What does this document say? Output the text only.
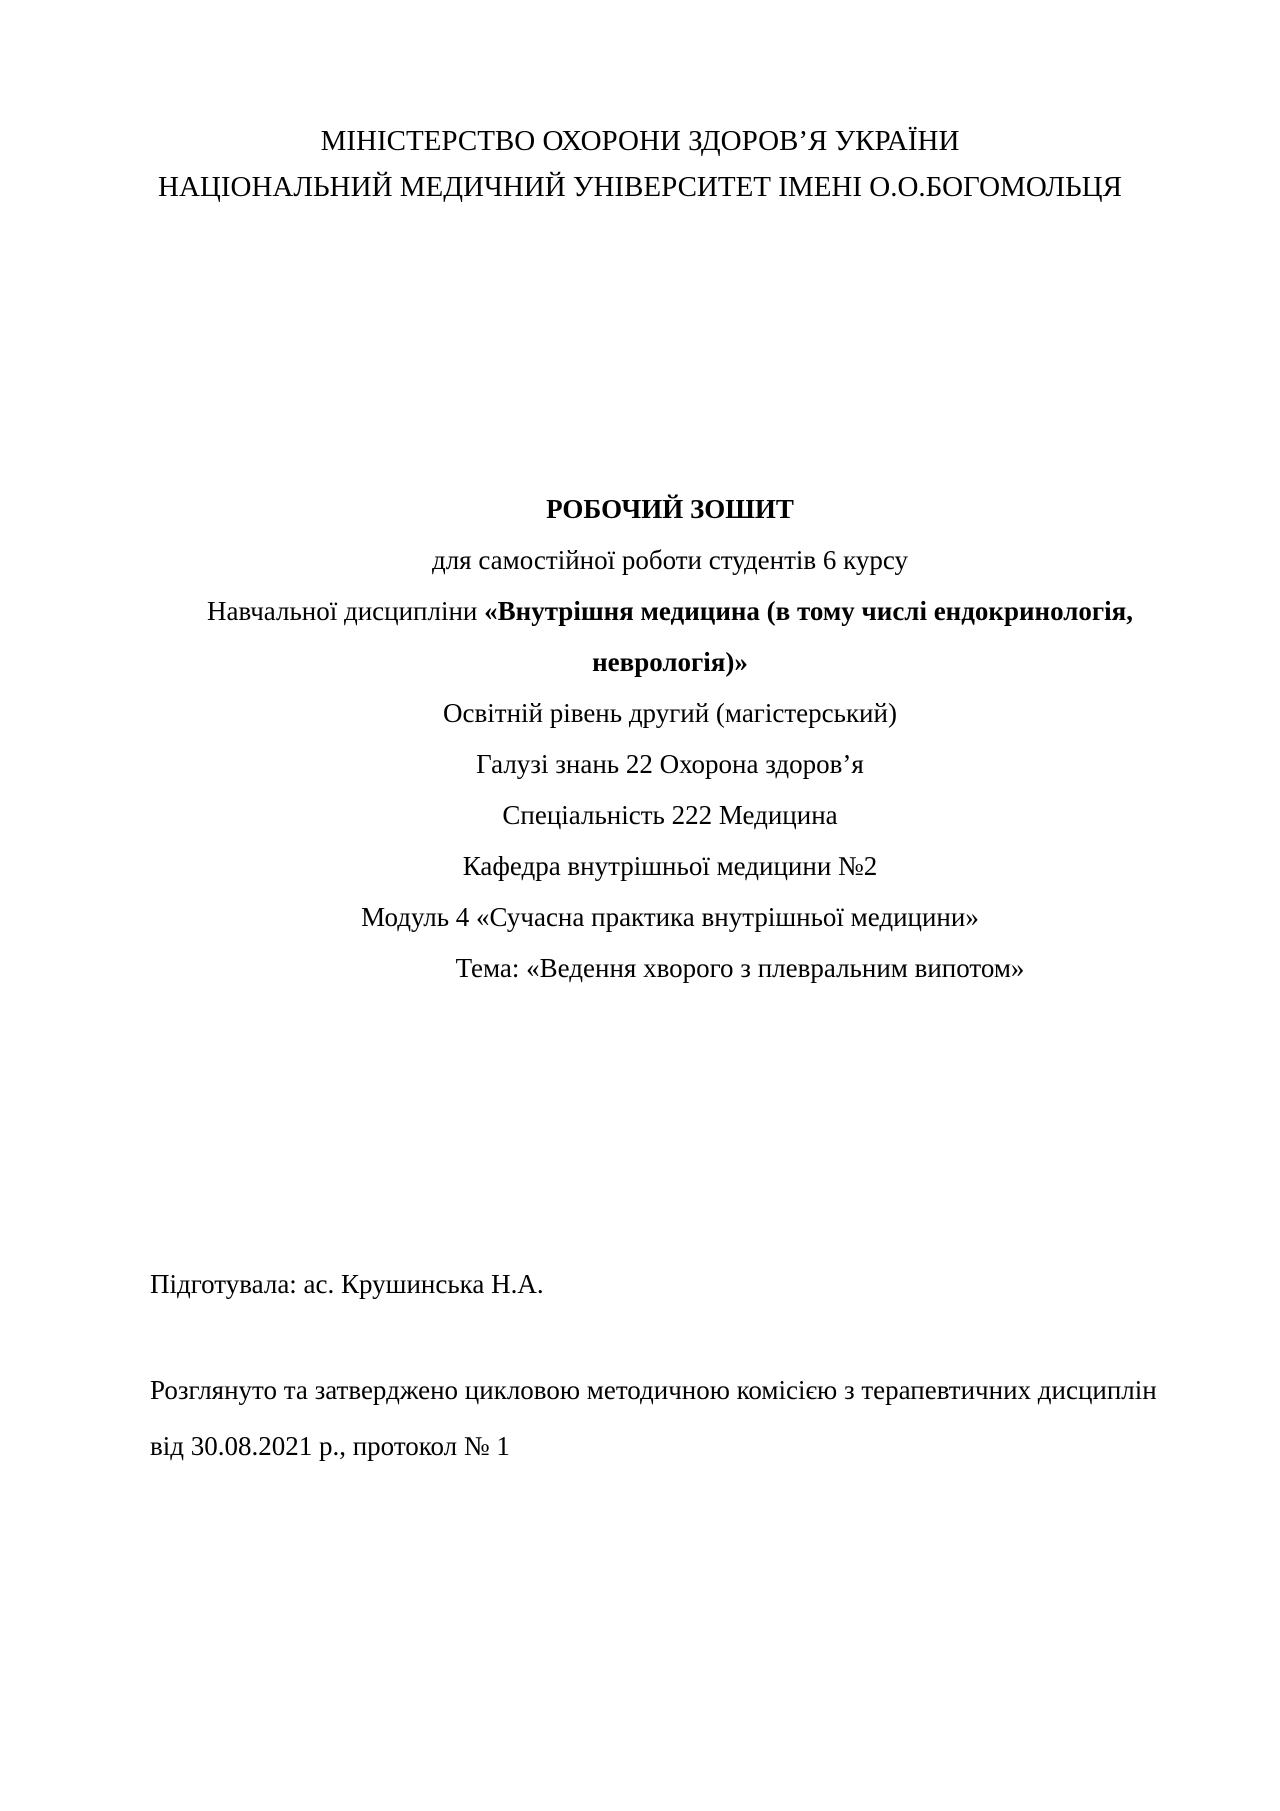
МІНІСТЕРСТВО ОХОРОНИ ЗДОРОВ’Я УКРАЇНИ
НАЦІОНАЛЬНИЙ МЕДИЧНИЙ УНІВЕРСИТЕТ ІМЕНІ О.О.БОГОМОЛЬЦЯ
РОБОЧИЙ ЗОШИТ
для самостійної роботи студентів 6 курсу
Навчальної дисципліни «Внутрішня медицина (в тому числі ендокринологія, неврологія)»
Освітній рівень другий (магістерський)
Галузі знань 22 Охорона здоров’я
Спеціальність 222 Медицина
Кафедра внутрішньої медицини №2
Модуль 4 «Сучасна практика внутрішньої медицини»
Тема: «Ведення хворого з плевральним випотом»
Підготувала: ас. Крушинська Н.А.
Розглянуто та затверджено цикловою методичною комісією з терапевтичних дисциплін від 30.08.2021 р., протокол № 1
